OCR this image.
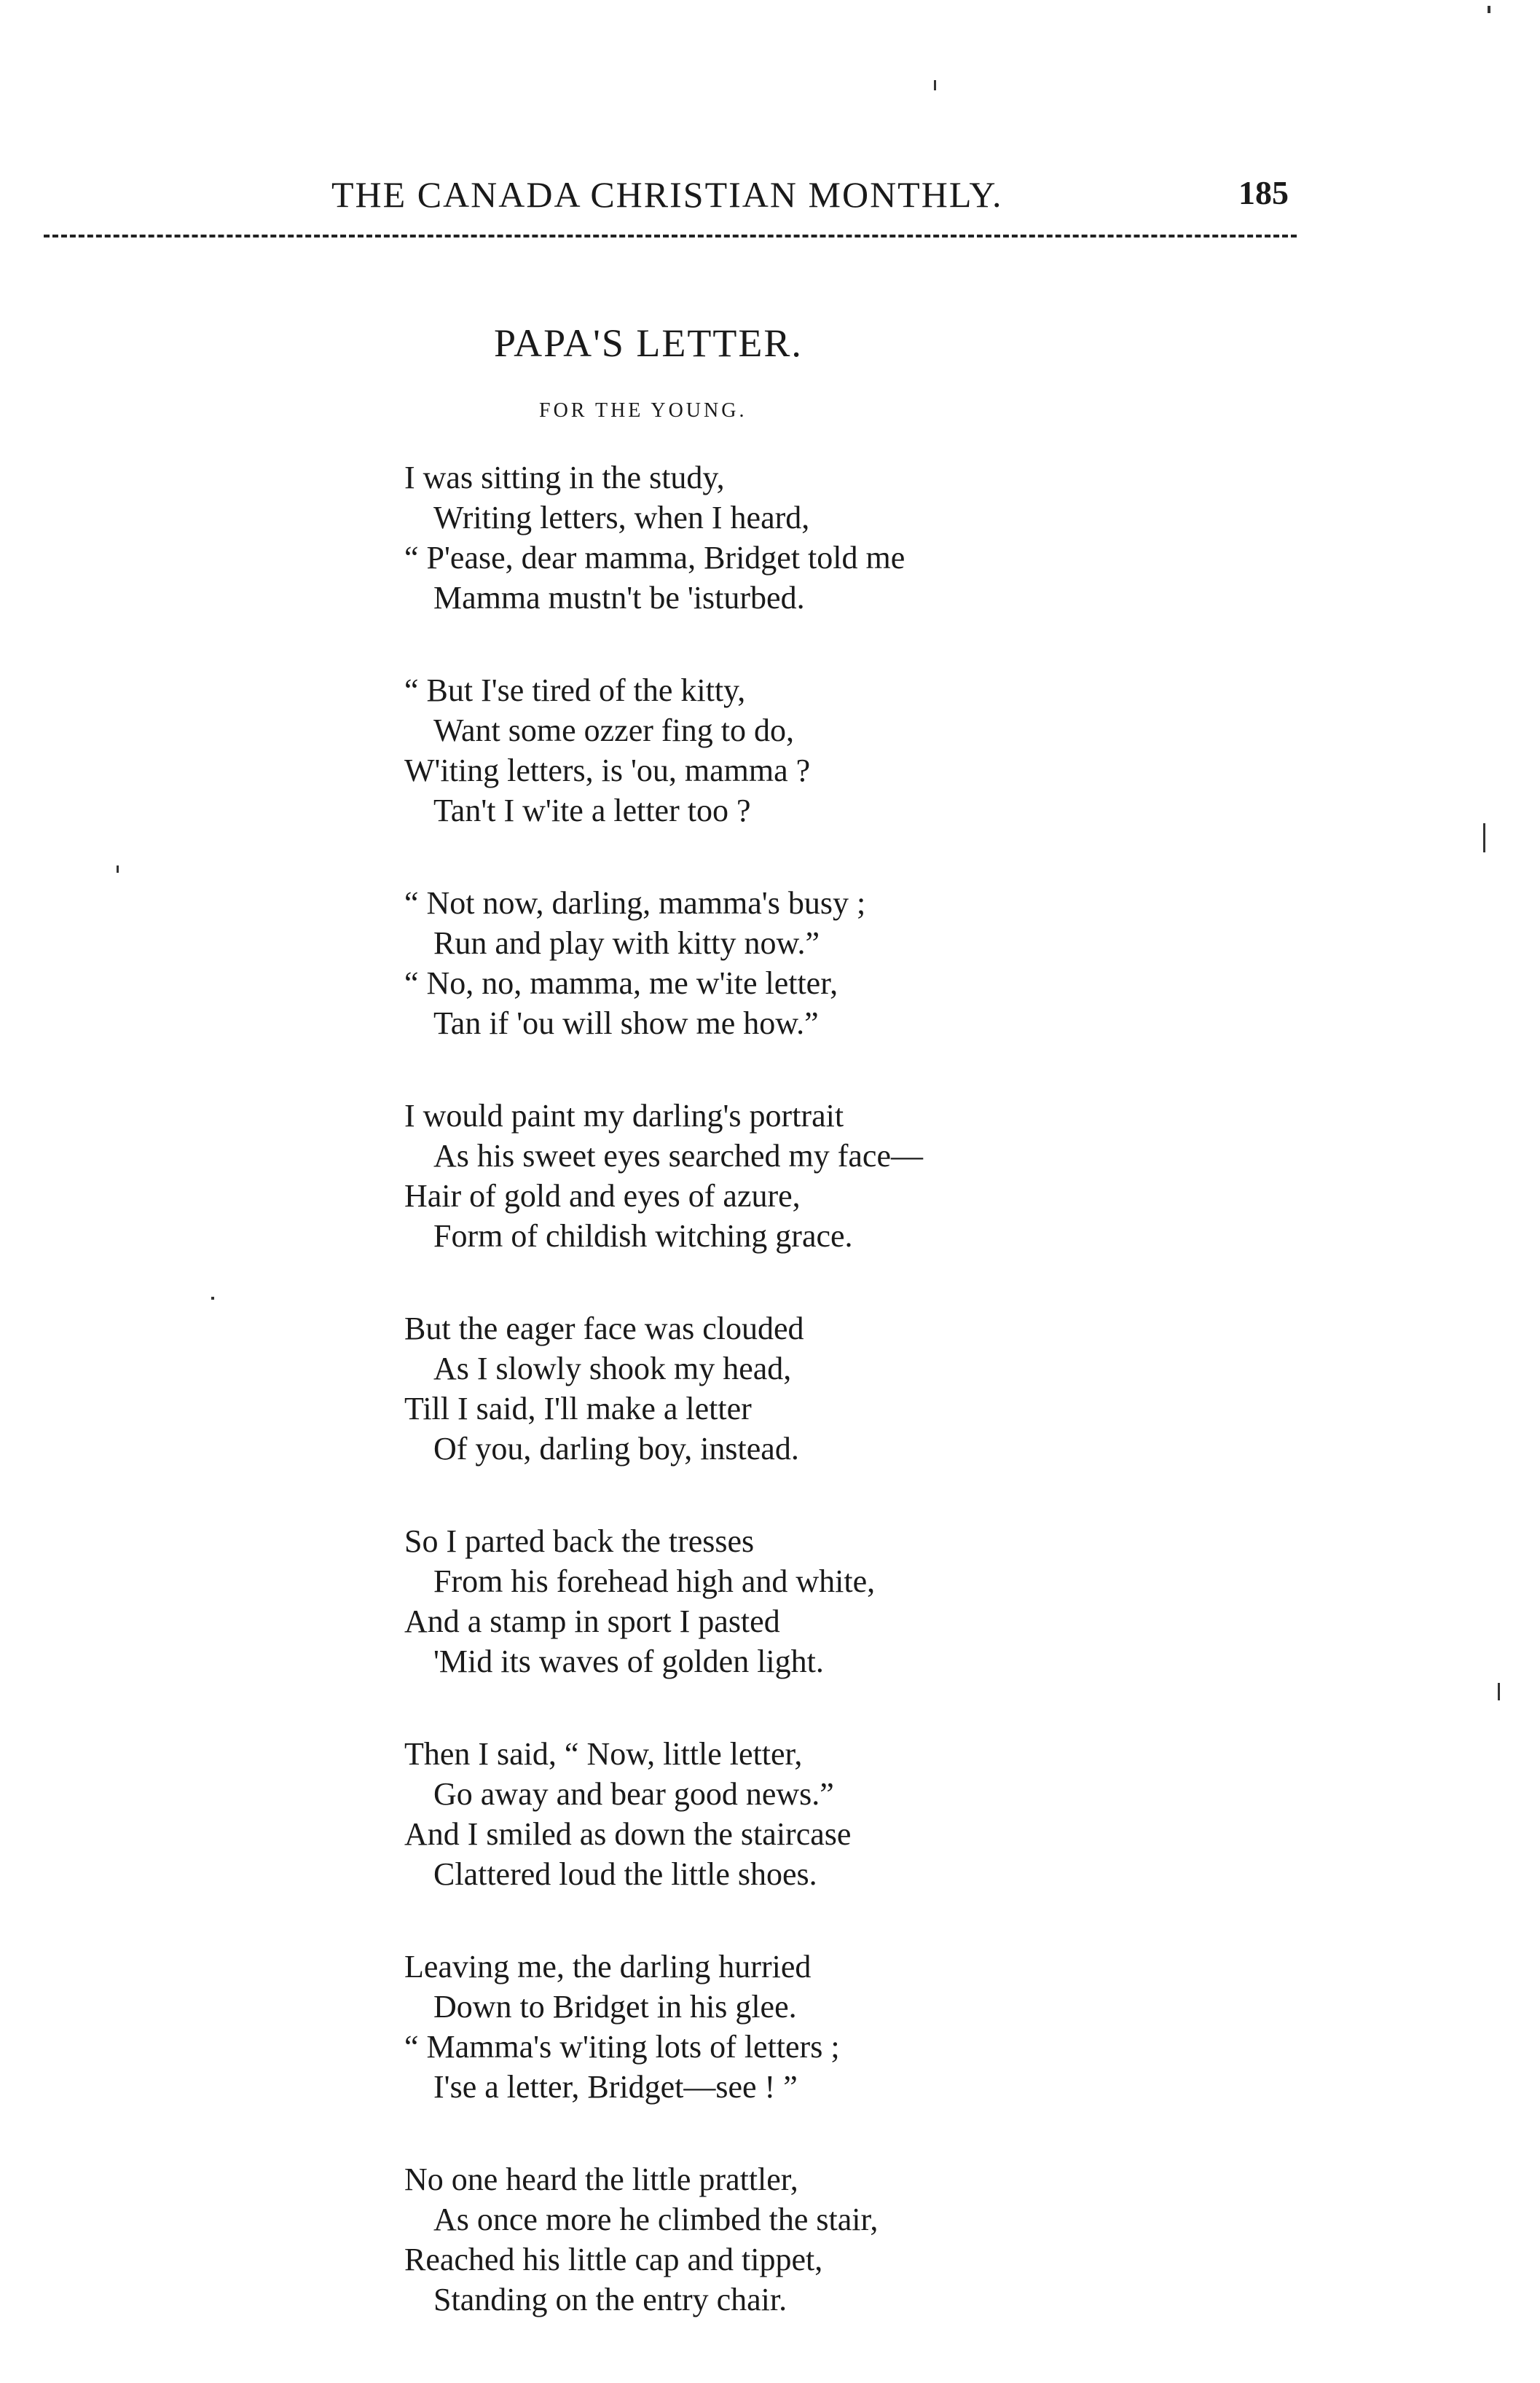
THE CANADA CHRISTIAN MONTHLY.	185
PAPA'S LETTER.
FOR THE YOUNG.
I was sitting in the study,
Writing letters, when I heard,
“ P'ease, dear mamma, Bridget told me
Mamma mustn't be 'isturbed.
“ But I'se tired of the kitty,
Want some ozzer fing to do,
W'iting letters, is 'ou, mamma ?
Tan't I w'ite a letter too ?
“ Not now, darling, mamma's busy ;
Run and play with kitty now.”
“ No, no, mamma, me w'ite letter,
Tan if 'ou will show me how.”
I would paint my darling's portrait
As his sweet eyes searched my face—
Hair of gold and eyes of azure,
Form of childish witching grace.
But the eager face was clouded
As I slowly shook my head,
Till I said, I'll make a letter
Of you, darling boy, instead.
So I parted back the tresses
From his forehead high and white,
And a stamp in sport I pasted
'Mid its waves of golden light.
Then I said, “ Now, little letter,
Go away and bear good news.”
And I smiled as down the staircase
Clattered loud the little shoes.
Leaving me, the darling hurried
Down to Bridget in his glee.
“ Mamma's w'iting lots of letters ;
I'se a letter, Bridget—see ! ”
No one heard the little prattler,
As once more he climbed the stair,
Reached his little cap and tippet,
Standing on the entry chair.
